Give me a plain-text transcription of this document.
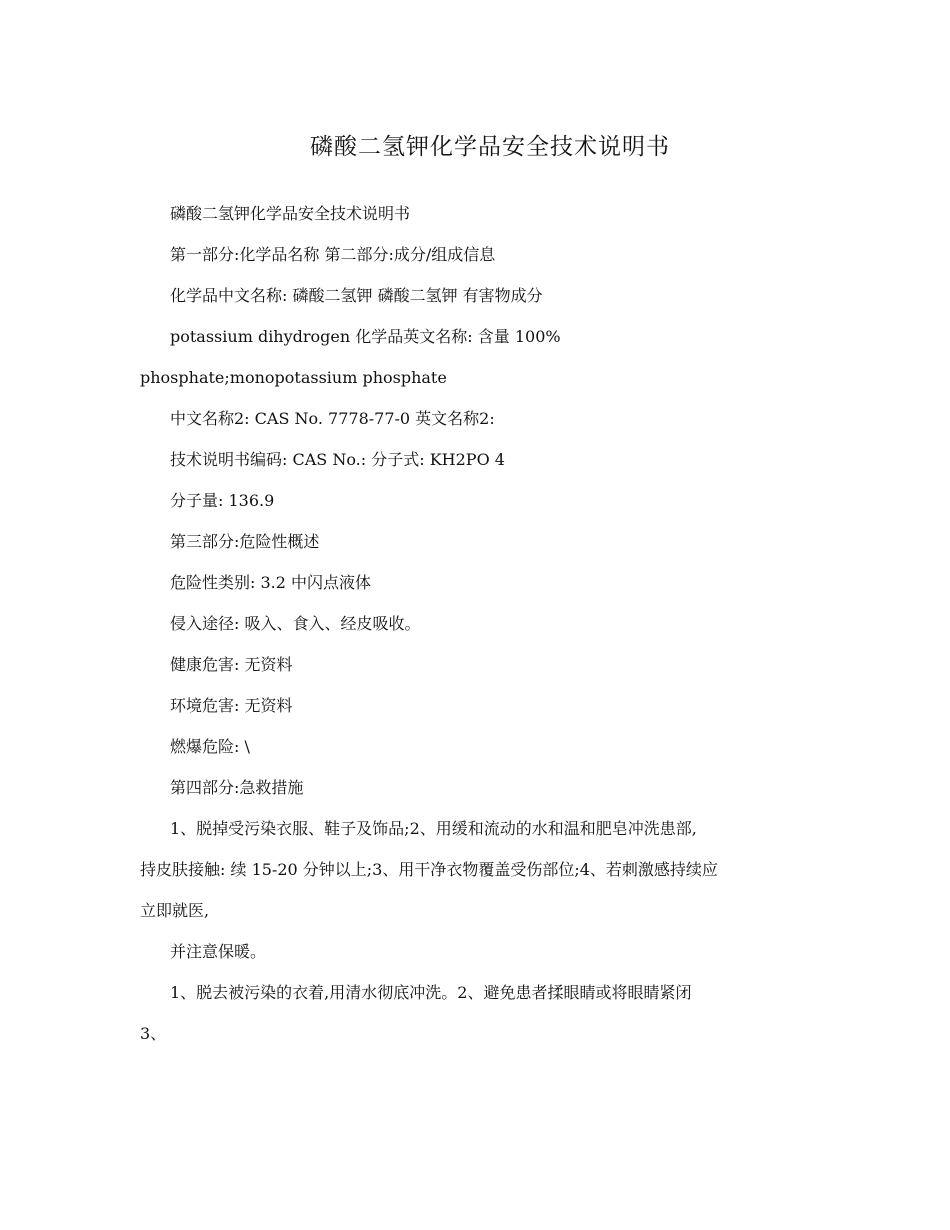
磷酸二氢钾化学品安全技术说明书
磷酸二氢钾化学品安全技术说明书
第一部分:化学品名称 第二部分:成分/组成信息
化学品中文名称: 磷酸二氢钾 磷酸二氢钾 有害物成分
potassium dihydrogen 化学品英文名称: 含量 100%
phosphate;monopotassium phosphate
中文名称2: CAS No. 7778-77-0 英文名称2:
技术说明书编码: CAS No.: 分子式: KH2PO 4
分子量: 136.9
第三部分:危险性概述
危险性类别: 3.2 中闪点液体
侵入途径: 吸入、食入、经皮吸收。
健康危害: 无资料
环境危害: 无资料
燃爆危险: \
第四部分:急救措施
1、脱掉受污染衣服、鞋子及饰品;2、用缓和流动的水和温和肥皂冲洗患部,
持皮肤接触: 续 15-20 分钟以上;3、用干净衣物覆盖受伤部位;4、若刺激感持续应
立即就医,
并注意保暖。
1、脱去被污染的衣着,用清水彻底冲洗。2、避免患者揉眼睛或将眼睛紧闭
3、
